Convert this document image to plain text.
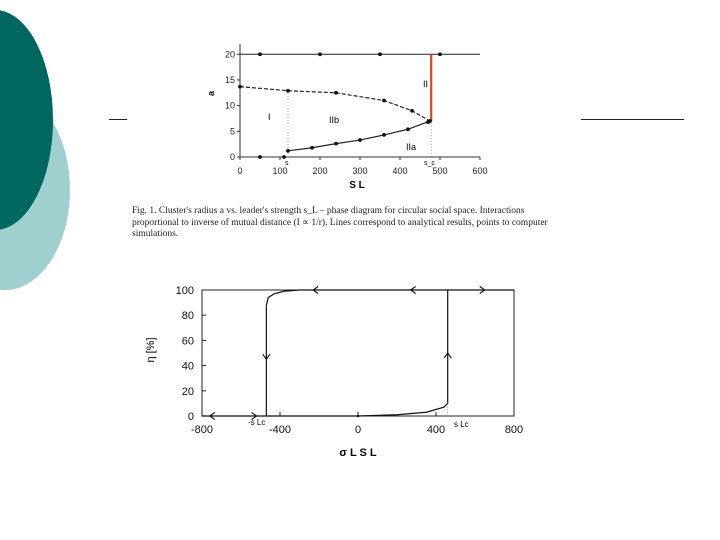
0	100	200	300	400	500	600
0
5
10
15
20
a
S L
I	IIb
IIa
II
s	s_c
Fig. 1. Cluster's radius a vs. leader's strength s_L – phase diagram for circular social space. Interactions proportional to inverse of mutual distance (I ∝ 1/r). Lines correspond to analytical results, points to computer simulations.
-800	-400	0	400	800
0
20
40
60
80
100
η [%]
σ L S L
-s Lc	s Lc
